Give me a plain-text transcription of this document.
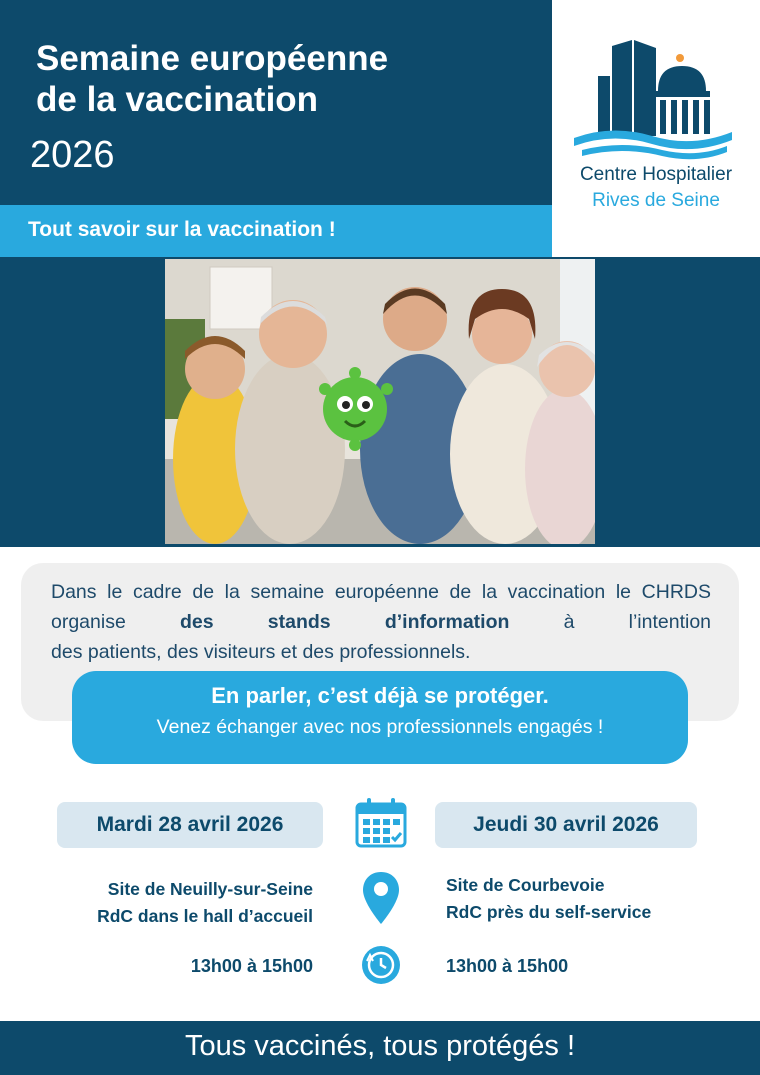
Semaine européenne
de la vaccination
2026
Tout savoir sur la vaccination !
Centre Hospitalier
Rives de Seine
Dans le cadre de la semaine européenne de la vaccination le CHRDS organise des stands d’information à l’intention
des patients, des visiteurs et des professionnels.
En parler, c’est déjà se protéger.
Venez échanger avec nos professionnels engagés !
Mardi 28 avril 2026	Jeudi 30 avril 2026
Site de Neuilly-sur-Seine
RdC dans le hall d’accueil
Site de Courbevoie
RdC près du self-service
13h00 à 15h00	13h00 à 15h00
Tous vaccinés, tous protégés !
